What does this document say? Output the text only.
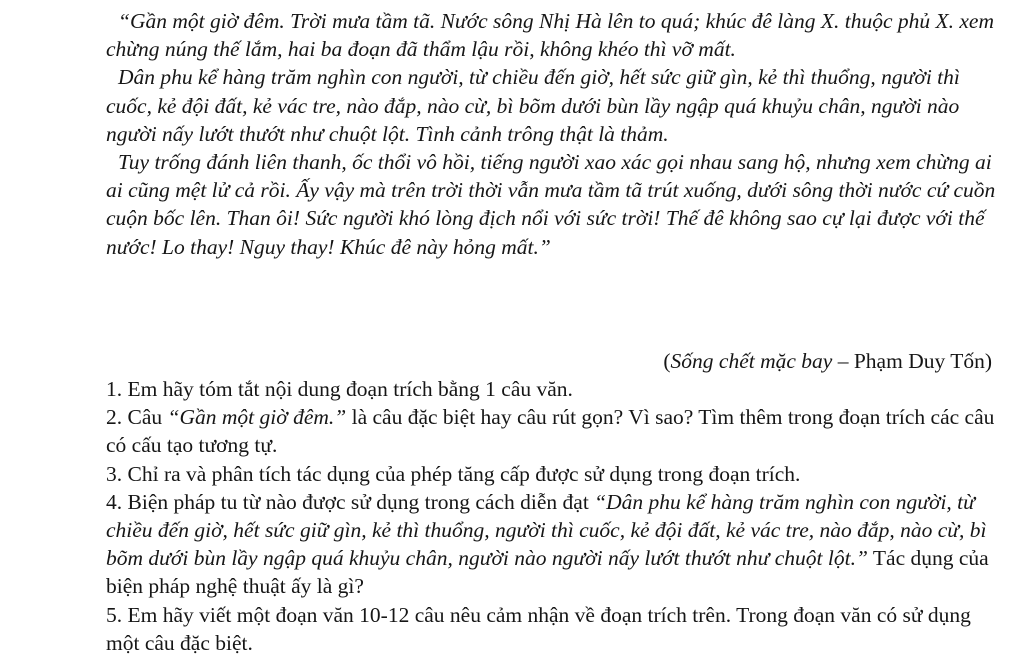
“Gần một giờ đêm. Trời mưa tầm tã. Nước sông Nhị Hà lên to quá; khúc đê làng X. thuộc phủ X. xem chừng núng thế lắm, hai ba đoạn đã thẩm lậu rồi, không khéo thì vỡ mất.

Dân phu kể hàng trăm nghìn con người, từ chiều đến giờ, hết sức giữ gìn, kẻ thì thuổng, người thì cuốc, kẻ đội đất, kẻ vác tre, nào đắp, nào cừ, bì bõm dưới bùn lầy ngập quá khuỷu chân, người nào người nấy lướt thướt như chuột lột. Tình cảnh trông thật là thảm.

Tuy trống đánh liên thanh, ốc thổi vô hồi, tiếng người xao xác gọi nhau sang hộ, nhưng xem chừng ai ai cũng mệt lử cả rồi. Ấy vậy mà trên trời thời vẫn mưa tầm tã trút xuống, dưới sông thời nước cứ cuồn cuộn bốc lên. Than ôi! Sức người khó lòng địch nổi với sức trời! Thế đê không sao cự lại được với thế nước! Lo thay! Nguy thay! Khúc đê này hỏng mất.”

(Sống chết mặc bay – Phạm Duy Tốn)

1. Em hãy tóm tắt nội dung đoạn trích bằng 1 câu văn.

2. Câu “Gần một giờ đêm.” là câu đặc biệt hay câu rút gọn? Vì sao? Tìm thêm trong đoạn trích các câu có cấu tạo tương tự.

3. Chỉ ra và phân tích tác dụng của phép tăng cấp được sử dụng trong đoạn trích.

4. Biện pháp tu từ nào được sử dụng trong cách diễn đạt “Dân phu kể hàng trăm nghìn con người, từ chiều đến giờ, hết sức giữ gìn, kẻ thì thuổng, người thì cuốc, kẻ đội đất, kẻ vác tre, nào đắp, nào cừ, bì bõm dưới bùn lầy ngập quá khuỷu chân, người nào người nấy lướt thướt như chuột lột.” Tác dụng của biện pháp nghệ thuật ấy là gì?

5. Em hãy viết một đoạn văn 10-12 câu nêu cảm nhận về đoạn trích trên. Trong đoạn văn có sử dụng một câu đặc biệt.
